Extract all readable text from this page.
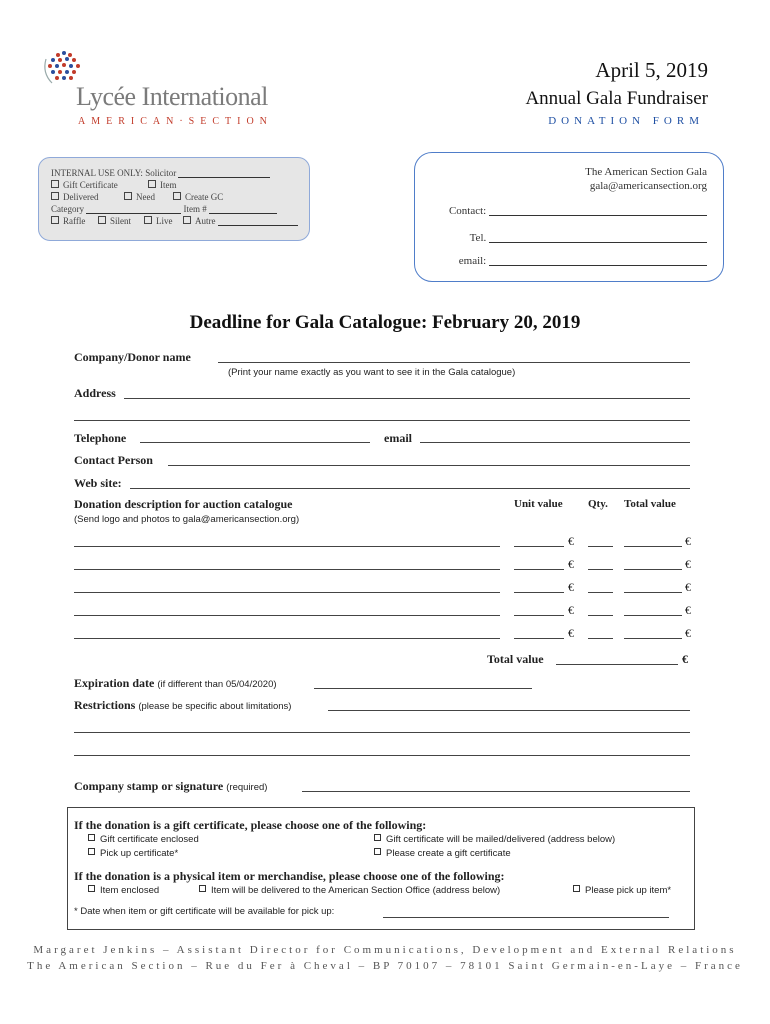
Lycée International
AMERICAN·SECTION
April 5, 2019
Annual Gala Fundraiser
DONATION FORM
INTERNAL USE ONLY: Solicitor
Gift Certificate	Item
Delivered	Need	Create GC
Category	Item #
Raffle	Silent	Live	Autre
The American Section Gala
gala@americansection.org
Contact:
Tel.
email:
Deadline for Gala Catalogue: February 20, 2019
Company/Donor name
(Print your name exactly as you want to see it in the Gala catalogue)
Address
Telephone	email
Contact Person
Web site:
Donation description for auction catalogue
(Send logo and photos to gala@americansection.org)
Unit value Qty. Total value
€	€
€	€
€	€
€	€
€	€
Total value	€
Expiration date (if different than 05/04/2020)
Restrictions (please be specific about limitations)
Company stamp or signature (required)
If the donation is a gift certificate, please choose one of the following:
Gift certificate enclosed	Gift certificate will be mailed/delivered (address below)
Pick up certificate*	Please create a gift certificate
If the donation is a physical item or merchandise, please choose one of the following:
Item enclosed	Item will be delivered to the American Section Office (address below)	Please pick up item*
* Date when item or gift certificate will be available for pick up:
Margaret Jenkins – Assistant Director for Communications, Development and External Relations
The American Section – Rue du Fer à Cheval – BP 70107 – 78101 Saint Germain-en-Laye – France
